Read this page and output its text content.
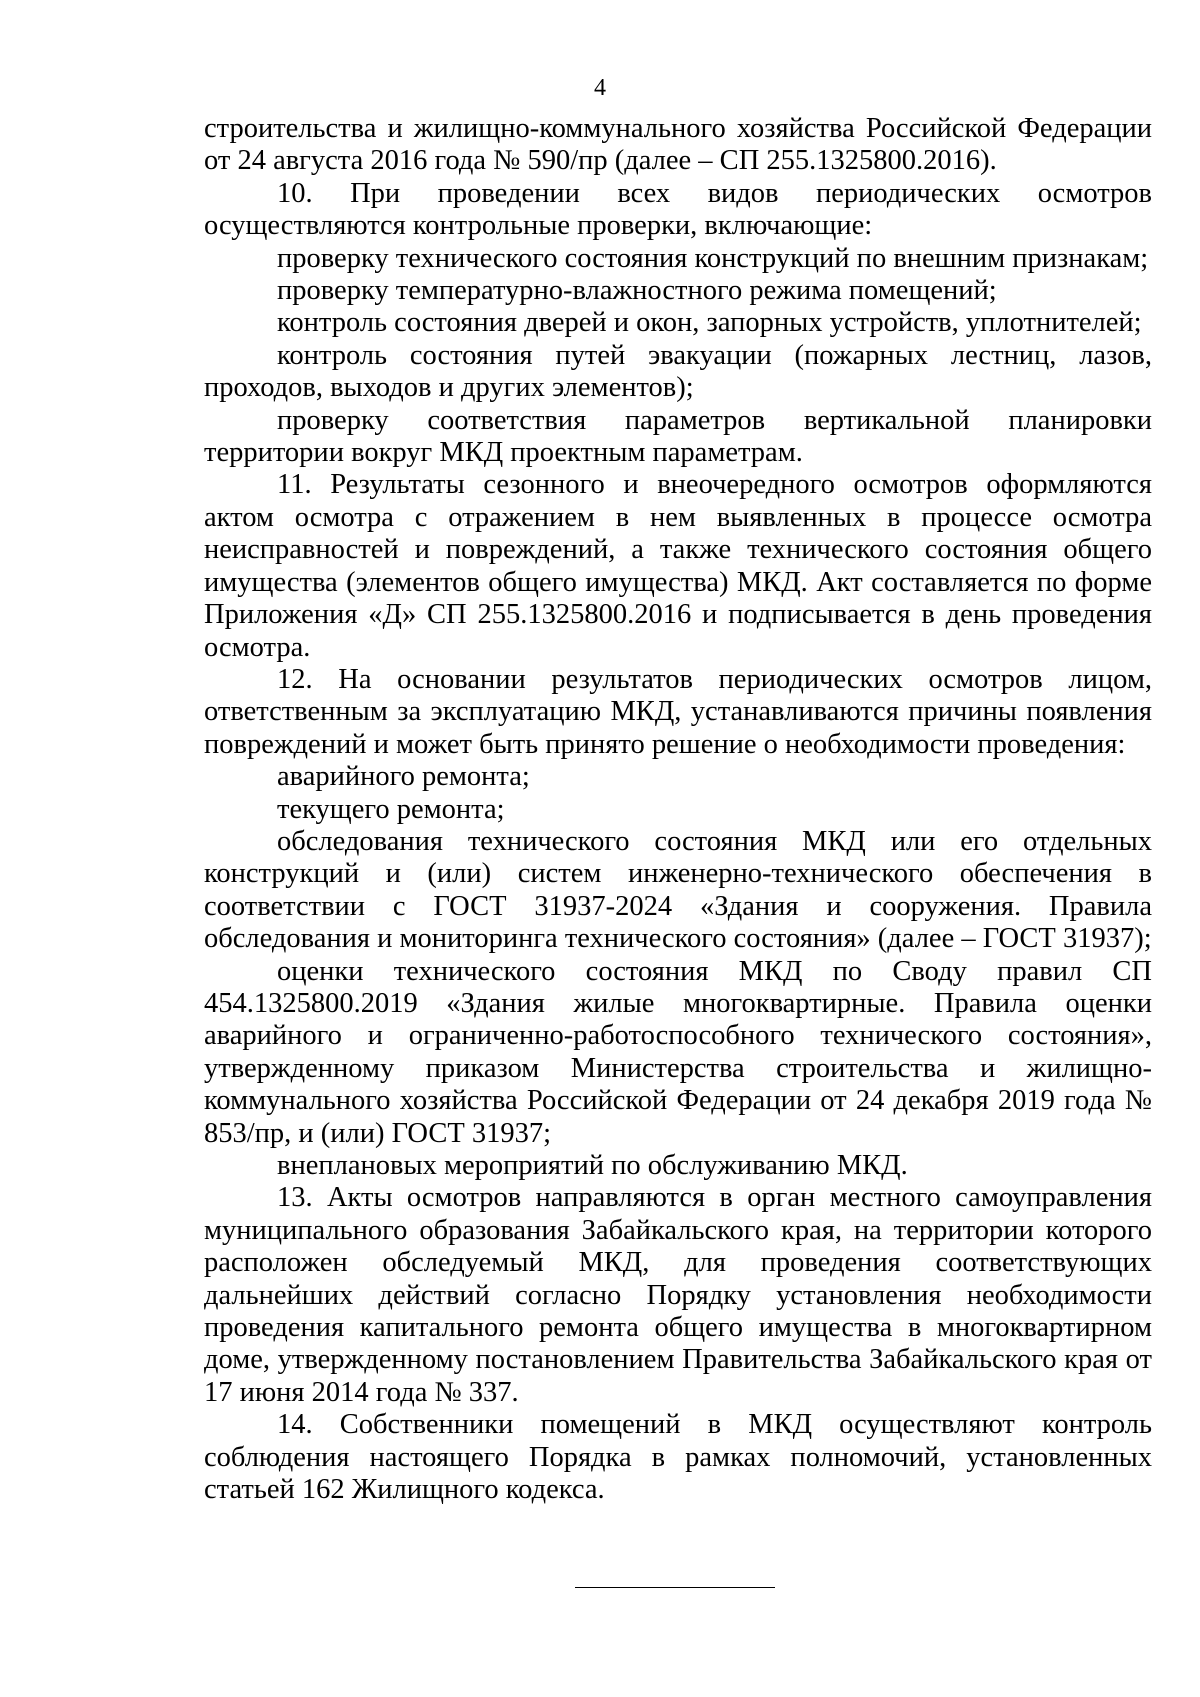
4

строительства и жилищно-коммунального хозяйства Российской Федерации от 24 августа 2016 года № 590/пр (далее – СП 255.1325800.2016).

10. При проведении всех видов периодических осмотров осуществляются контрольные проверки, включающие:

проверку технического состояния конструкций по внешним признакам;

проверку температурно-влажностного режима помещений;

контроль состояния дверей и окон, запорных устройств, уплотнителей;

контроль состояния путей эвакуации (пожарных лестниц, лазов, проходов, выходов и других элементов);

проверку соответствия параметров вертикальной планировки территории вокруг МКД проектным параметрам.

11. Результаты сезонного и внеочередного осмотров оформляются актом осмотра с отражением в нем выявленных в процессе осмотра неисправностей и повреждений, а также технического состояния общего имущества (элементов общего имущества) МКД. Акт составляется по форме Приложения «Д» СП 255.1325800.2016 и подписывается в день проведения осмотра.

12. На основании результатов периодических осмотров лицом, ответственным за эксплуатацию МКД, устанавливаются причины появления повреждений и может быть принято решение о необходимости проведения:

аварийного ремонта;

текущего ремонта;

обследования технического состояния МКД или его отдельных конструкций и (или) систем инженерно-технического обеспечения в соответствии с ГОСТ 31937-2024 «Здания и сооружения. Правила обследования и мониторинга технического состояния» (далее – ГОСТ 31937);

оценки технического состояния МКД по Своду правил СП 454.1325800.2019 «Здания жилые многоквартирные. Правила оценки аварийного и ограниченно-работоспособного технического состояния», утвержденному приказом Министерства строительства и жилищно-коммунального хозяйства Российской Федерации от 24 декабря 2019 года № 853/пр, и (или) ГОСТ 31937;

внеплановых мероприятий по обслуживанию МКД.

13. Акты осмотров направляются в орган местного самоуправления муниципального образования Забайкальского края, на территории которого расположен обследуемый МКД, для проведения соответствующих дальнейших действий согласно Порядку установления необходимости проведения капитального ремонта общего имущества в многоквартирном доме, утвержденному постановлением Правительства Забайкальского края от 17 июня 2014 года № 337.

14. Собственники помещений в МКД осуществляют контроль соблюдения настоящего Порядка в рамках полномочий, установленных статьей 162 Жилищного кодекса.
